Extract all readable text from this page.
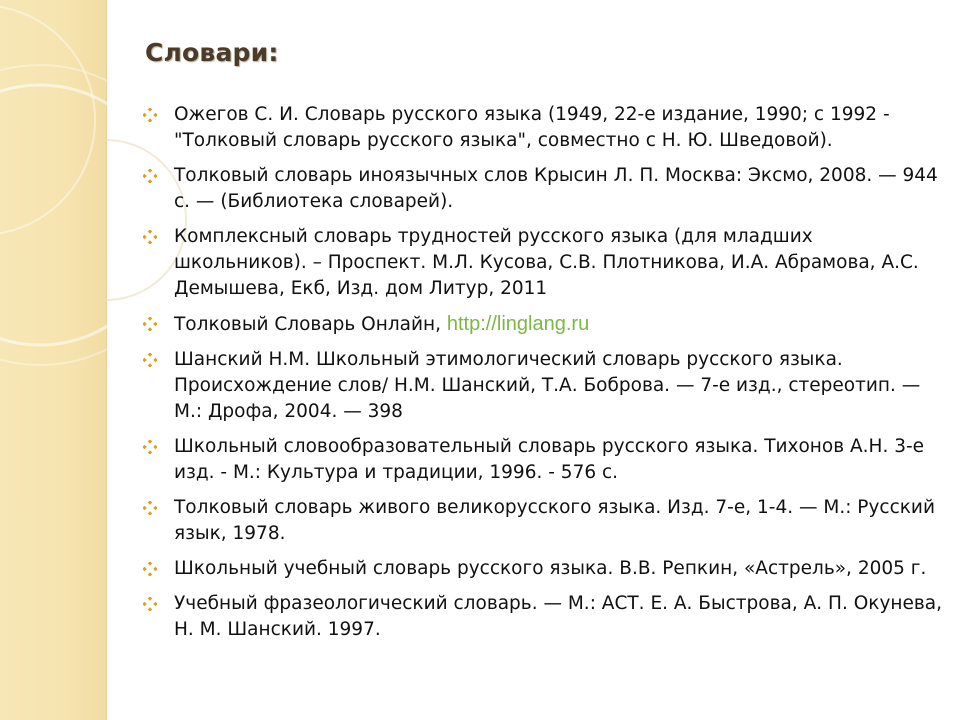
Словари:
Ожегов С. И. Словарь русского языка (1949, 22-е издание, 1990; с 1992 - "Толковый словарь русского языка", совместно с Н. Ю. Шведовой).
Толковый словарь иноязычных слов Крысин Л. П. Москва: Эксмо, 2008. — 944 с. — (Библиотека словарей).
Комплексный словарь трудностей русского языка (для младших школьников). – Проспект. М.Л. Кусова, С.В. Плотникова, И.А. Абрамова, А.С. Демышева, Екб, Изд. дом Литур, 2011
Толковый Словарь Онлайн, http://linglang.ru
Шанский Н.М. Школьный этимологический словарь русского языка. Происхождение слов/ Н.М. Шанский, Т.А. Боброва. — 7-е изд., стереотип. — М.: Дрофа, 2004. — 398
Школьный словообразовательный словарь русского языка. Тихонов А.Н. 3-е изд. - М.: Культура и традиции, 1996. - 576 с.
Толковый словарь живого великорусского языка. Изд. 7-е, 1-4. — М.: Русский язык, 1978.
Школьный учебный словарь русского языка. В.В. Репкин, «Астрель», 2005 г.
Учебный фразеологический словарь. — М.: АСТ. Е. А. Быстрова, А. П. Окунева, Н. М. Шанский. 1997.
